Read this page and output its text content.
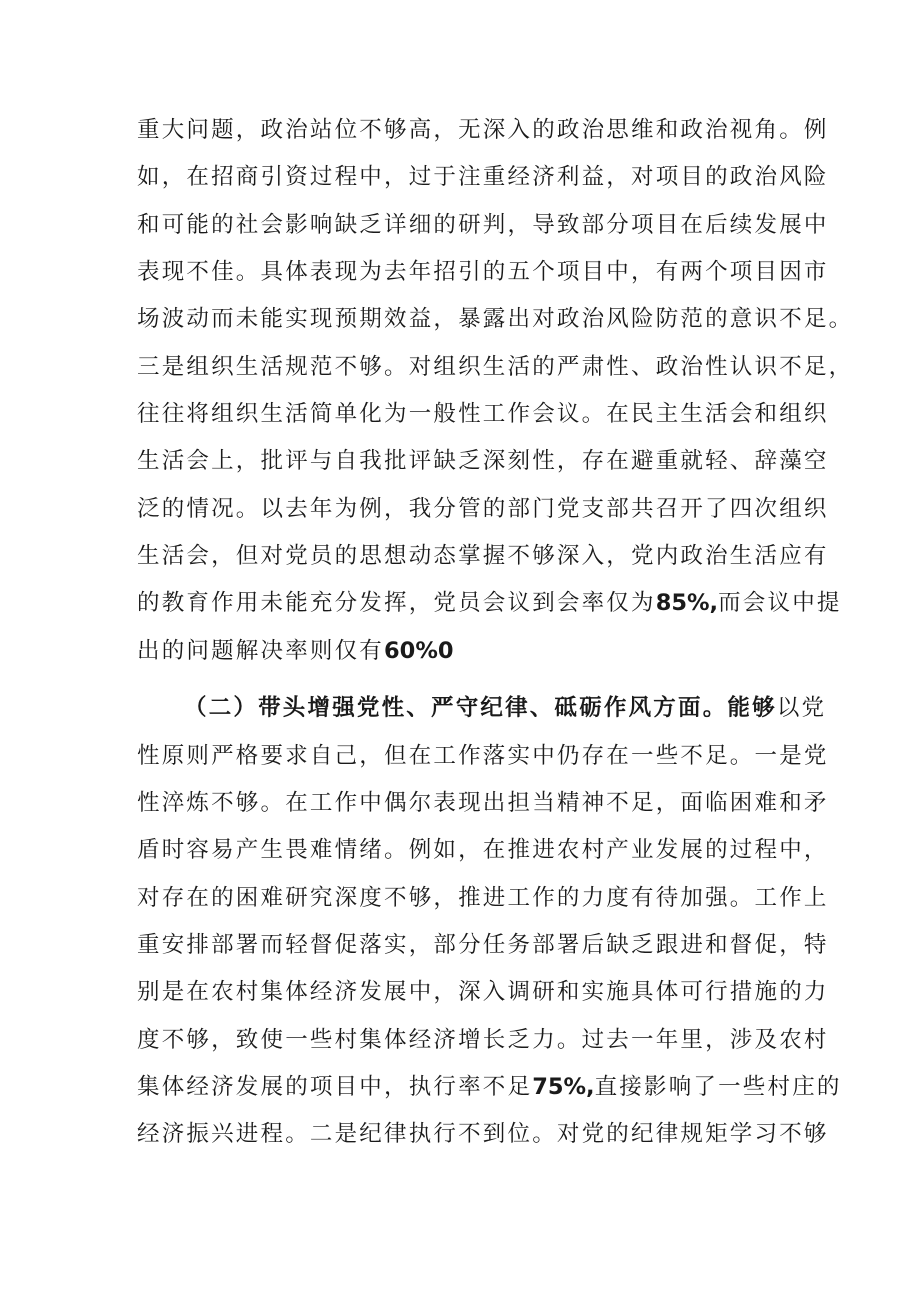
重大问题，政治站位不够高，无深入的政治思维和政治视角。例
如，在招商引资过程中，过于注重经济利益，对项目的政治风险
和可能的社会影响缺乏详细的研判，导致部分项目在后续发展中
表现不佳。具体表现为去年招引的五个项目中，有两个项目因市
场波动而未能实现预期效益，暴露出对政治风险防范的意识不足。
三是组织生活规范不够。对组织生活的严肃性、政治性认识不足，
往往将组织生活简单化为一般性工作会议。在民主生活会和组织
生活会上，批评与自我批评缺乏深刻性，存在避重就轻、辞藻空
泛的情况。以去年为例，我分管的部门党支部共召开了四次组织
生活会，但对党员的思想动态掌握不够深入，党内政治生活应有
的教育作用未能充分发挥，党员会议到会率仅为85%,而会议中提
出的问题解决率则仅有60%0
（二）带头增强党性、严守纪律、砥砺作风方面。能够以党
性原则严格要求自己，但在工作落实中仍存在一些不足。一是党
性淬炼不够。在工作中偶尔表现出担当精神不足，面临困难和矛
盾时容易产生畏难情绪。例如，在推进农村产业发展的过程中，
对存在的困难研究深度不够，推进工作的力度有待加强。工作上
重安排部署而轻督促落实，部分任务部署后缺乏跟进和督促，特
别是在农村集体经济发展中，深入调研和实施具体可行措施的力
度不够，致使一些村集体经济增长乏力。过去一年里，涉及农村
集体经济发展的项目中，执行率不足75%,直接影响了一些村庄的
经济振兴进程。二是纪律执行不到位。对党的纪律规矩学习不够
